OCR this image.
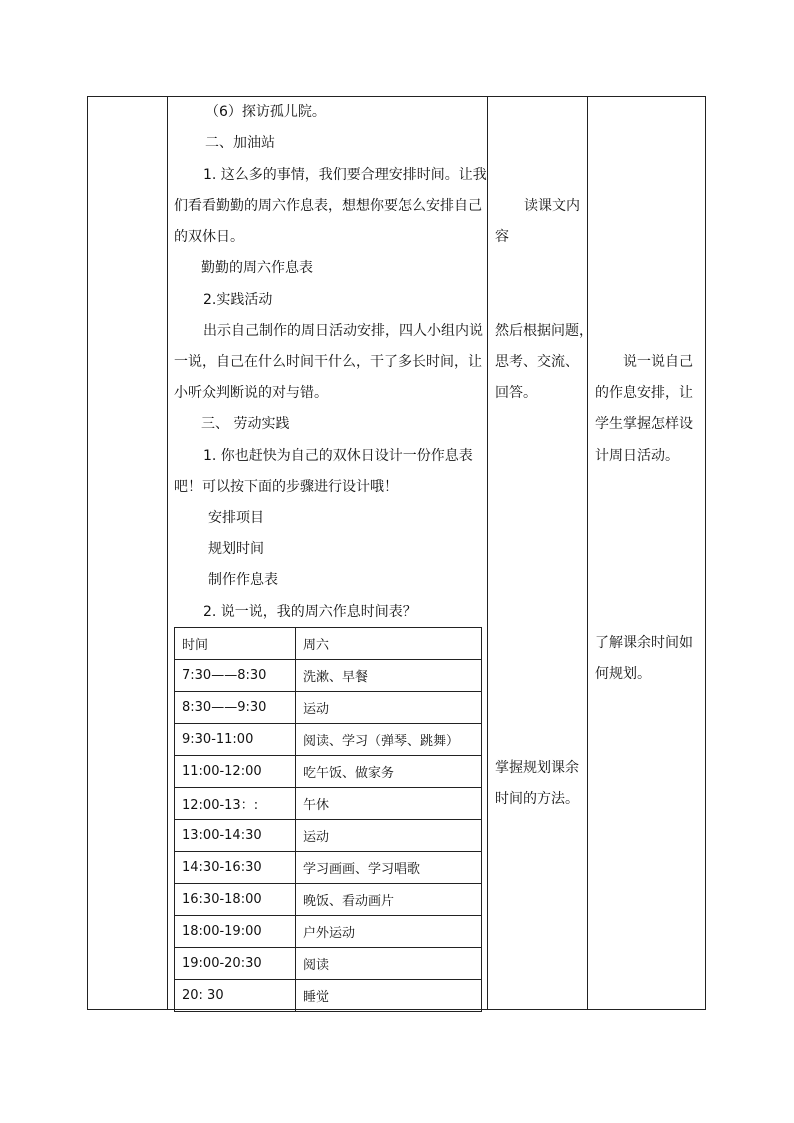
（6）探访孤儿院。
二、加油站
1. 这么多的事情，我们要合理安排时间。让我
们看看勤勤的周六作息表，想想你要怎么安排自己
的双休日。
勤勤的周六作息表
2.实践活动
出示自己制作的周日活动安排，四人小组内说
一说，自己在什么时间干什么，干了多长时间，让
小听众判断说的对与错。
三、 劳动实践
1. 你也赶快为自己的双休日设计一份作息表
吧！可以按下面的步骤进行设计哦！
安排项目
规划时间
制作作息表
2. 说一说，我的周六作息时间表？
时间	周六
7:30——8:30	洗漱、早餐
8:30——9:30	运动
9:30-11:00	阅读、学习（弹琴、跳舞）
11:00-12:00	吃午饭、做家务
12:00-13：:	午休
13:00-14:30	运动
14:30-16:30	学习画画、学习唱歌
16:30-18:00	晚饭、看动画片
18:00-19:00	户外运动
19:00-20:30	阅读
20: 30	睡觉
读课文内
容
然后根据问题，
思考、交流、
回答。
掌握规划课余
时间的方法。
说一说自己
的作息安排，让
学生掌握怎样设
计周日活动。
了解课余时间如
何规划。
